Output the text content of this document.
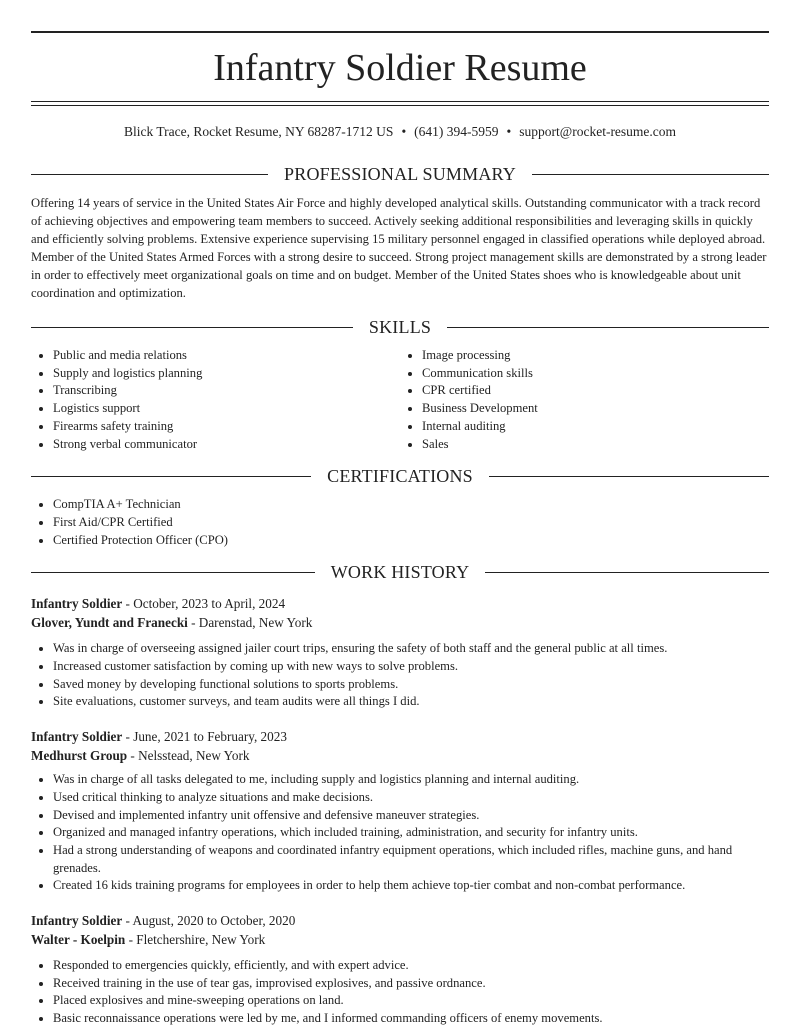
Infantry Soldier Resume
Blick Trace, Rocket Resume, NY 68287-1712 US • (641) 394-5959 • support@rocket-resume.com
PROFESSIONAL SUMMARY

Offering 14 years of service in the United States Air Force and highly developed analytical skills. Outstanding communicator with a track record of achieving objectives and empowering team members to succeed. Actively seeking additional responsibilities and leveraging skills in quickly and efficiently solving problems. Extensive experience supervising 15 military personnel engaged in classified operations while deployed abroad. Member of the United States Armed Forces with a strong desire to succeed. Strong project management skills are demonstrated by a strong leader in order to effectively meet organizational goals on time and on budget. Member of the United States shoes who is knowledgeable about unit coordination and optimization.

SKILLS
• Public and media relations
• Supply and logistics planning
• Transcribing
• Logistics support
• Firearms safety training
• Strong verbal communicator
• Image processing
• Communication skills
• CPR certified
• Business Development
• Internal auditing
• Sales
CERTIFICATIONS
• CompTIA A+ Technician
• First Aid/CPR Certified
• Certified Protection Officer (CPO)
WORK HISTORY
Infantry Soldier - October, 2023 to April, 2024
Glover, Yundt and Franecki - Darenstad, New York
• Was in charge of overseeing assigned jailer court trips, ensuring the safety of both staff and the general public at all times.
• Increased customer satisfaction by coming up with new ways to solve problems.
• Saved money by developing functional solutions to sports problems.
• Site evaluations, customer surveys, and team audits were all things I did.
Infantry Soldier - June, 2021 to February, 2023
Medhurst Group - Nelsstead, New York
• Was in charge of all tasks delegated to me, including supply and logistics planning and internal auditing.
• Used critical thinking to analyze situations and make decisions.
• Devised and implemented infantry unit offensive and defensive maneuver strategies.
• Organized and managed infantry operations, which included training, administration, and security for infantry units.
• Had a strong understanding of weapons and coordinated infantry equipment operations, which included rifles, machine guns, and hand grenades.
• Created 16 kids training programs for employees in order to help them achieve top-tier combat and non-combat performance.
Infantry Soldier - August, 2020 to October, 2020
Walter - Koelpin - Fletchershire, New York
• Responded to emergencies quickly, efficiently, and with expert advice.
• Received training in the use of tear gas, improvised explosives, and passive ordnance.
• Placed explosives and mine-sweeping operations on land.
• Basic reconnaissance operations were led by me, and I informed commanding officers of enemy movements.
